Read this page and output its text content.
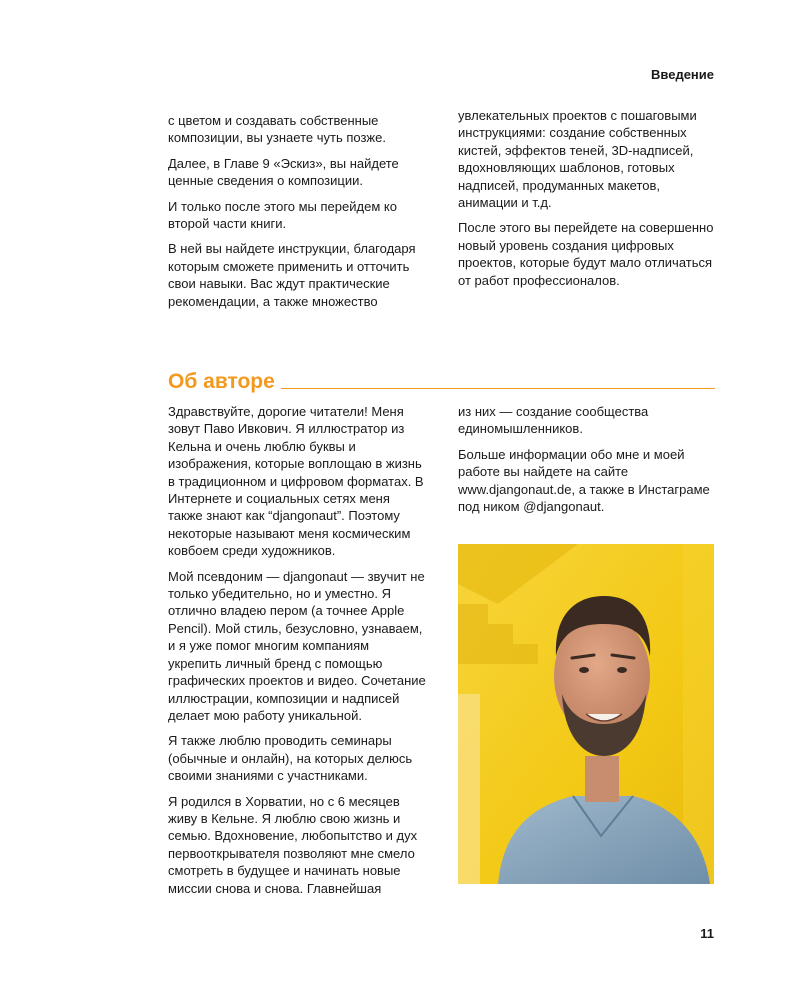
Введение

с цветом и создавать собственные композиции, вы узнаете чуть позже.

Далее, в Главе 9 «Эскиз», вы найдете ценные сведения о композиции.

И только после этого мы перейдем ко второй части книги.

В ней вы найдете инструкции, благодаря которым сможете применить и отточить свои навыки. Вас ждут практические рекомендации, а также множество

увлекательных проектов с пошаговыми инструкциями: создание собственных кистей, эффектов теней, 3D-надписей, вдохновляющих шаблонов, готовых надписей, продуманных макетов, анимации и т.д.

После этого вы перейдете на совершенно новый уровень создания цифровых проектов, которые будут мало отличаться от работ профессионалов.

Об авторе

Здравствуйте, дорогие читатели! Меня зовут Паво Ивкович. Я иллюстратор из Кельна и очень люблю буквы и изображения, которые воплощаю в жизнь в традиционном и цифровом форматах. В Интернете и социальных сетях меня также знают как “djangonaut”. Поэтому некоторые называют меня космическим ковбоем среди художников.

Мой псевдоним — djangonaut — звучит не только убедительно, но и уместно. Я отлично владею пером (а точнее Apple Pencil). Мой стиль, безусловно, узнаваем, и я уже помог многим компаниям укрепить личный бренд с помощью графических проектов и видео. Сочетание иллюстрации, композиции и надписей делает мою работу уникальной.

Я также люблю проводить семинары (обычные и онлайн), на которых делюсь своими знаниями с участниками.

Я родился в Хорватии, но с 6 месяцев живу в Кельне. Я люблю свою жизнь и семью. Вдохновение, любопытство и дух первооткрывателя позволяют мне смело смотреть в будущее и начинать новые миссии снова и снова. Главнейшая

из них — создание сообщества единомышленников.

Больше информации обо мне и моей работе вы найдете на сайте www.djangonaut.de, а также в Инстаграме под ником @djangonaut.

11
